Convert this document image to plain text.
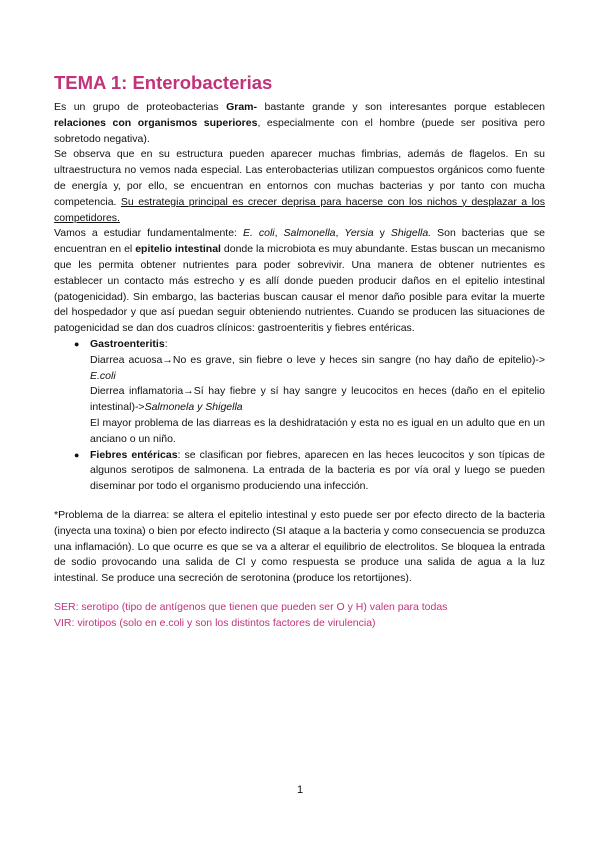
TEMA 1: Enterobacterias

Es un grupo de proteobacterias Gram- bastante grande y son interesantes porque establecen relaciones con organismos superiores, especialmente con el hombre (puede ser positiva pero sobretodo negativa).

Se observa que en su estructura pueden aparecer muchas fimbrias, además de flagelos. En su ultraestructura no vemos nada especial. Las enterobacterias utilizan compuestos orgánicos como fuente de energía y, por ello, se encuentran en entornos con muchas bacterias y por tanto con mucha competencia. Su estrategia principal es crecer deprisa para hacerse con los nichos y desplazar a los competidores.

Vamos a estudiar fundamentalmente: E. coli, Salmonella, Yersia y Shigella. Son bacterias que se encuentran en el epitelio intestinal donde la microbiota es muy abundante. Estas buscan un mecanismo que les permita obtener nutrientes para poder sobrevivir. Una manera de obtener nutrientes es establecer un contacto más estrecho y es allí donde pueden producir daños en el epitelio intestinal (patogenicidad). Sin embargo, las bacterias buscan causar el menor daño posible para evitar la muerte del hospedador y que así puedan seguir obteniendo nutrientes. Cuando se producen las situaciones de patogenicidad se dan dos cuadros clínicos: gastroenteritis y fiebres entéricas.

● Gastroenteritis:

Diarrea acuosa→No es grave, sin fiebre o leve y heces sin sangre (no hay daño de epitelio)-> E.coli

Dierrea inflamatoria→Sí hay fiebre y sí hay sangre y leucocitos en heces (daño en el epitelio intestinal)->Salmonela y Shigella

El mayor problema de las diarreas es la deshidratación y esta no es igual en un adulto que en un anciano o un niño.

● Fiebres entéricas: se clasifican por fiebres, aparecen en las heces leucocitos y son típicas de algunos serotipos de salmonena. La entrada de la bacteria es por vía oral y luego se pueden diseminar por todo el organismo produciendo una infección.

*Problema de la diarrea: se altera el epitelio intestinal y esto puede ser por efecto directo de la bacteria (inyecta una toxina) o bien por efecto indirecto (SI ataque a la bacteria y como consecuencia se produzca una inflamación). Lo que ocurre es que se va a alterar el equilibrio de electrolitos. Se bloquea la entrada de sodio provocando una salida de Cl y como respuesta se produce una salida de agua a la luz intestinal. Se produce una secreción de serotonina (produce los retortijones).

SER: serotipo (tipo de antígenos que tienen que pueden ser O y H) valen para todas

VIR: virotipos (solo en e.coli y son los distintos factores de virulencia)

1
